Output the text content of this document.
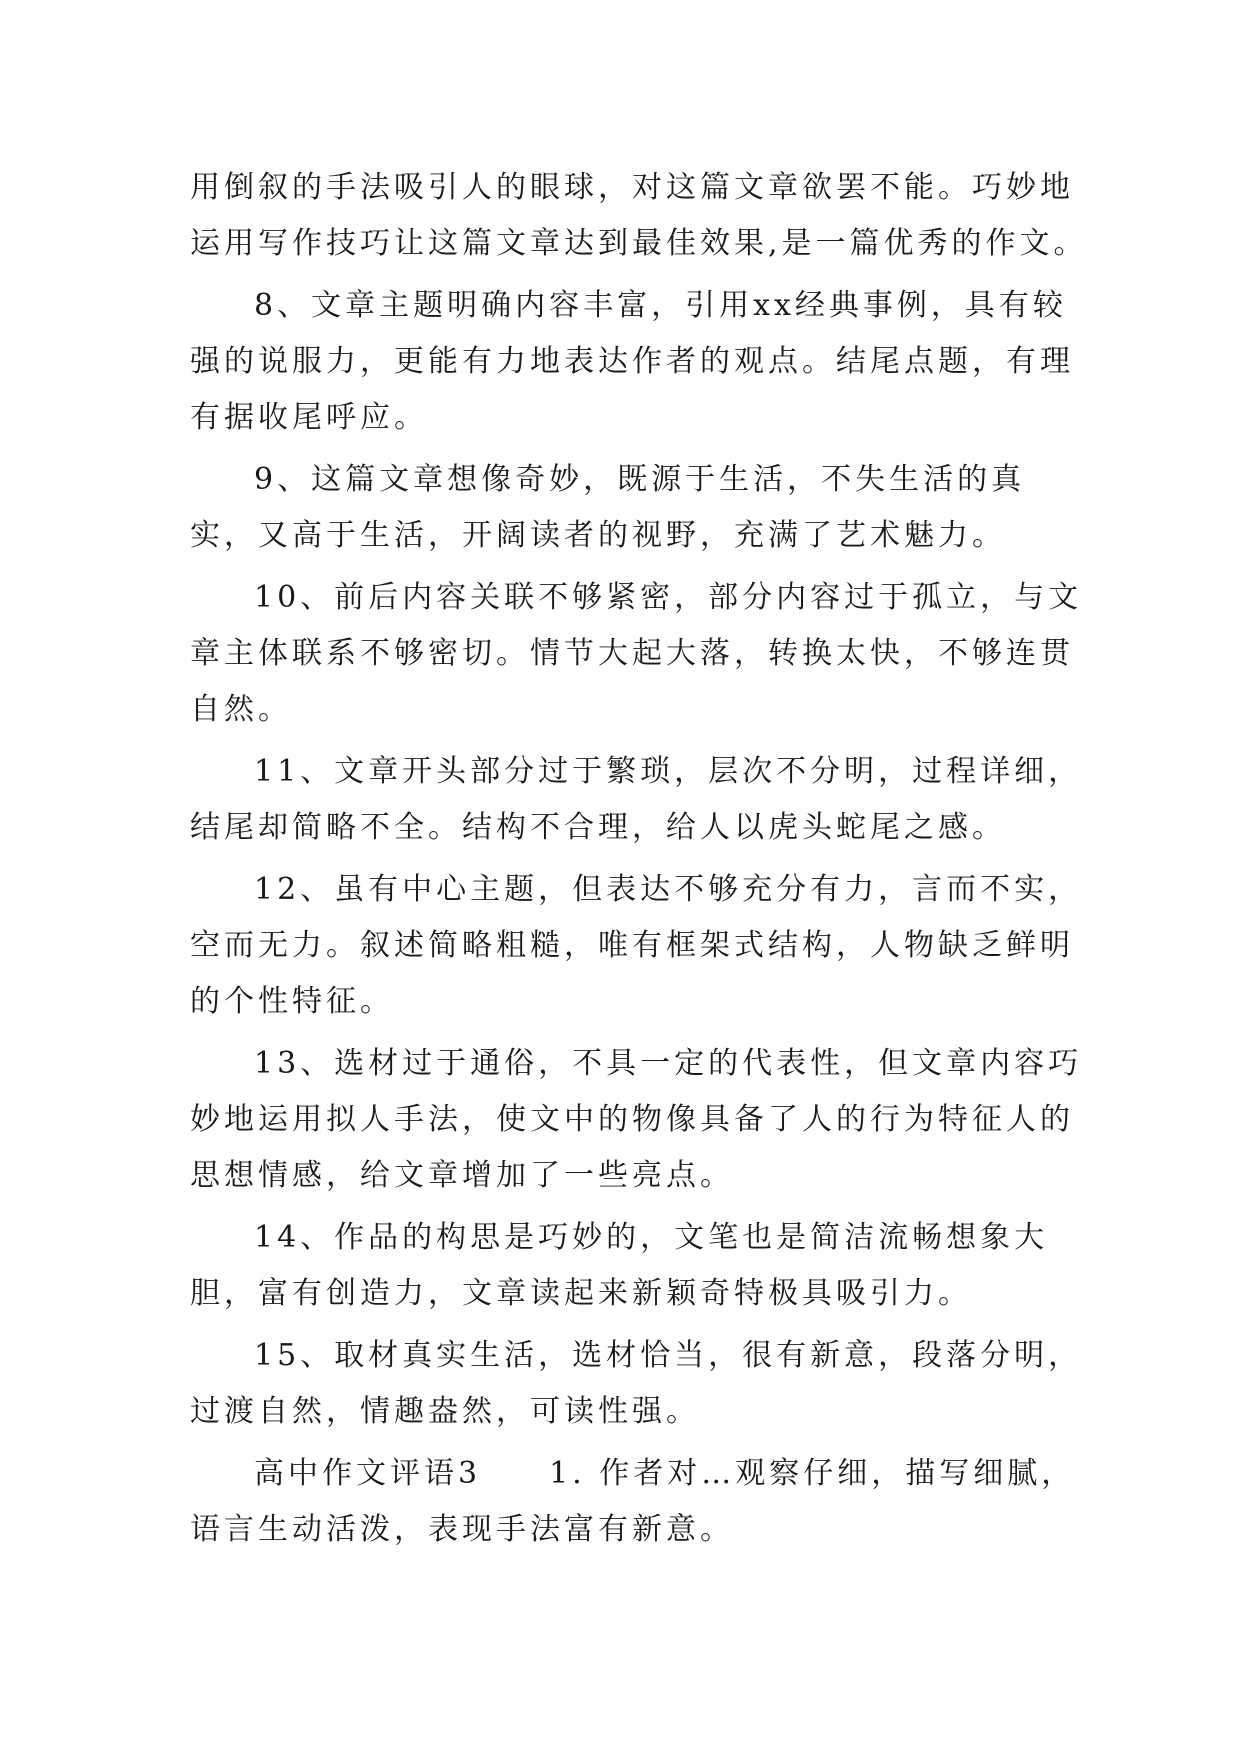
用倒叙的手法吸引人的眼球，对这篇文章欲罢不能。巧妙地运用写作技巧让这篇文章达到最佳效果,是一篇优秀的作文。

8、文章主题明确内容丰富，引用xx经典事例，具有较强的说服力，更能有力地表达作者的观点。结尾点题，有理有据收尾呼应。

9、这篇文章想像奇妙，既源于生活，不失生活的真实，又高于生活，开阔读者的视野，充满了艺术魅力。

10、前后内容关联不够紧密，部分内容过于孤立，与文章主体联系不够密切。情节大起大落，转换太快，不够连贯自然。

11、文章开头部分过于繁琐，层次不分明，过程详细，结尾却简略不全。结构不合理，给人以虎头蛇尾之感。

12、虽有中心主题，但表达不够充分有力，言而不实，空而无力。叙述简略粗糙，唯有框架式结构，人物缺乏鲜明的个性特征。

13、选材过于通俗，不具一定的代表性，但文章内容巧妙地运用拟人手法，使文中的物像具备了人的行为特征人的思想情感，给文章增加了一些亮点。

14、作品的构思是巧妙的，文笔也是简洁流畅想象大胆，富有创造力，文章读起来新颖奇特极具吸引力。

15、取材真实生活，选材恰当，很有新意，段落分明，过渡自然，情趣盎然，可读性强。

高中作文评语3　　1. 作者对…观察仔细，描写细腻，语言生动活泼，表现手法富有新意。
